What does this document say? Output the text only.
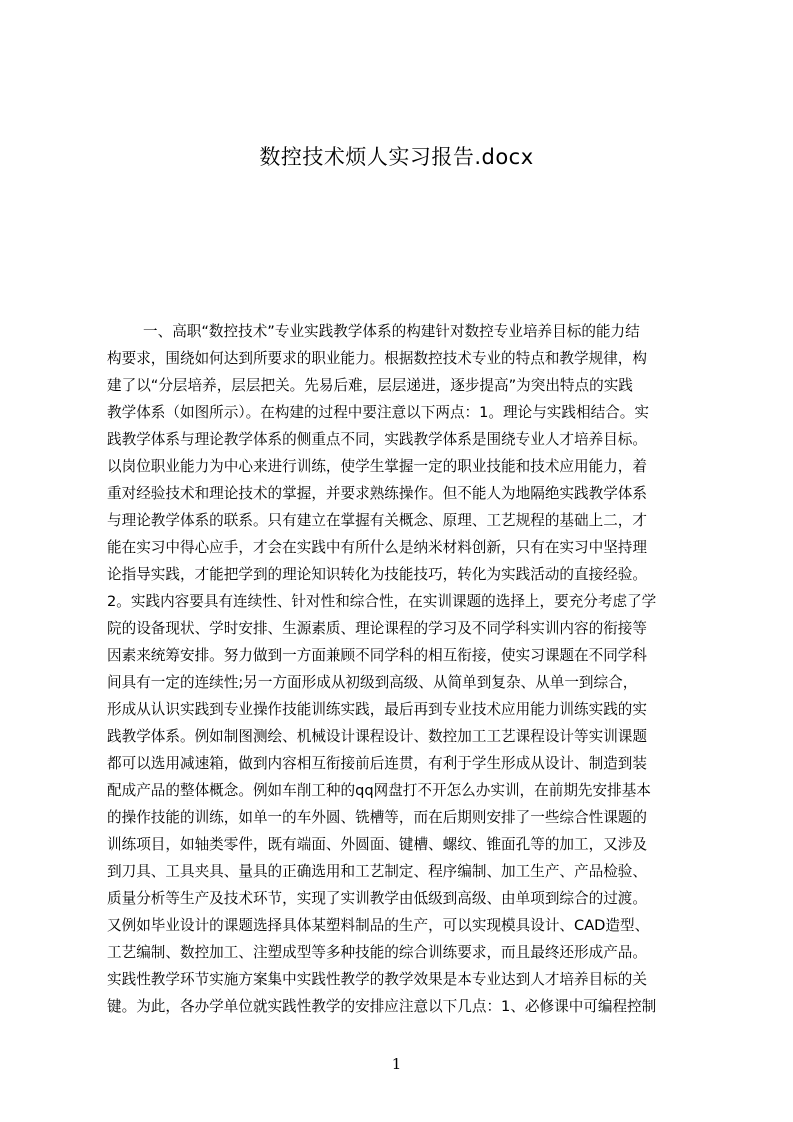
数控技术烦人实习报告.docx
一、高职“数控技术”专业实践教学体系的构建针对数控专业培养目标的能力结
构要求，围绕如何达到所要求的职业能力。根据数控技术专业的特点和教学规律，构
建了以“分层培养，层层把关。先易后难，层层递进，逐步提高”为突出特点的实践
教学体系（如图所示）。在构建的过程中要注意以下两点：1。理论与实践相结合。实
践教学体系与理论教学体系的侧重点不同，实践教学体系是围绕专业人才培养目标。
以岗位职业能力为中心来进行训练，使学生掌握一定的职业技能和技术应用能力，着
重对经验技术和理论技术的掌握，并要求熟练操作。但不能人为地隔绝实践教学体系
与理论教学体系的联系。只有建立在掌握有关概念、原理、工艺规程的基础上二，才
能在实习中得心应手，才会在实践中有所什么是纳米材料创新，只有在实习中坚持理
论指导实践，才能把学到的理论知识转化为技能技巧，转化为实践活动的直接经验。
2。实践内容要具有连续性、针对性和综合性，在实训课题的选择上，要充分考虑了学
院的设备现状、学时安排、生源素质、理论课程的学习及不同学科实训内容的衔接等
因素来统筹安排。努力做到一方面兼顾不同学科的相互衔接，使实习课题在不同学科
间具有一定的连续性;另一方面形成从初级到高级、从简单到复杂、从单一到综合，
形成从认识实践到专业操作技能训练实践，最后再到专业技术应用能力训练实践的实
践教学体系。例如制图测绘、机械设计课程设计、数控加工工艺课程设计等实训课题
都可以选用减速箱，做到内容相互衔接前后连贯，有利于学生形成从设计、制造到装
配成产品的整体概念。例如车削工种的qq网盘打不开怎么办实训，在前期先安排基本
的操作技能的训练，如单一的车外圆、铣槽等，而在后期则安排了一些综合性课题的
训练项目，如轴类零件，既有端面、外圆面、键槽、螺纹、锥面孔等的加工，又涉及
到刀具、工具夹具、量具的正确选用和工艺制定、程序编制、加工生产、产品检验、
质量分析等生产及技术环节，实现了实训教学由低级到高级、由单项到综合的过渡。
又例如毕业设计的课题选择具体某塑料制品的生产，可以实现模具设计、CAD造型、
工艺编制、数控加工、注塑成型等多种技能的综合训练要求，而且最终还形成产品。
实践性教学环节实施方案集中实践性教学的教学效果是本专业达到人才培养目标的关
键。为此，各办学单位就实践性教学的安排应注意以下几点：1、必修课中可编程控制
1
